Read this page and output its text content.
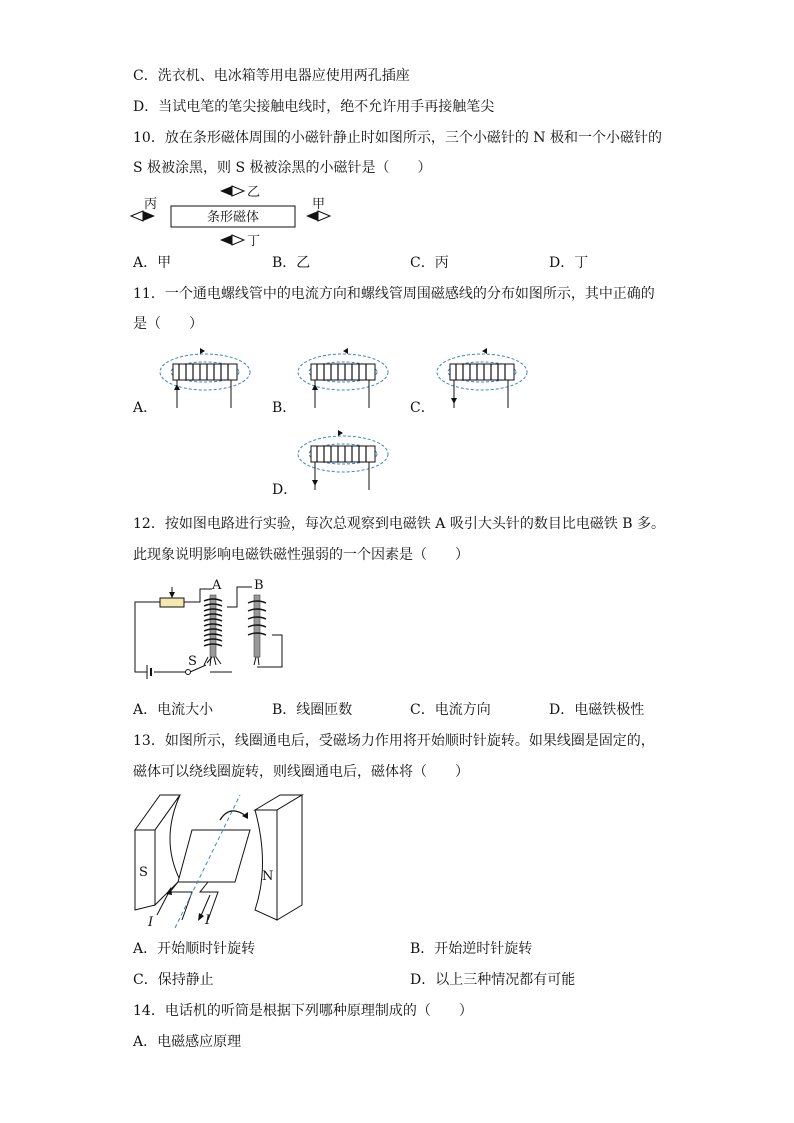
C．洗衣机、电冰箱等用电器应使用两孔插座
D．当试电笔的笔尖接触电线时，绝不允许用手再接触笔尖
10．放在条形磁体周围的小磁针静止时如图所示，三个小磁针的 N 极和一个小磁针的
S 极被涂黑，则 S 极被涂黑的小磁针是（　　）
乙
丙
条形磁体
甲
丁
A．甲	B．乙	C．丙	D．丁
11．一个通电螺线管中的电流方向和螺线管周围磁感线的分布如图所示，其中正确的
是（　　）
A．	B．	C．
D．
12．按如图电路进行实验，每次总观察到电磁铁 A 吸引大头针的数目比电磁铁 B 多。
此现象说明影响电磁铁磁性强弱的一个因素是（　　）
S
A	B
A．电流大小	B．线圈匝数	C．电流方向	D．电磁铁极性
13．如图所示，线圈通电后，受磁场力作用将开始顺时针旋转。如果线圈是固定的，
磁体可以绕线圈旋转，则线圈通电后，磁体将（　　）
S	N
I	I
A．开始顺时针旋转	B．开始逆时针旋转
C．保持静止	D．以上三种情况都有可能
14．电话机的听筒是根据下列哪种原理制成的（　　）
A．电磁感应原理
